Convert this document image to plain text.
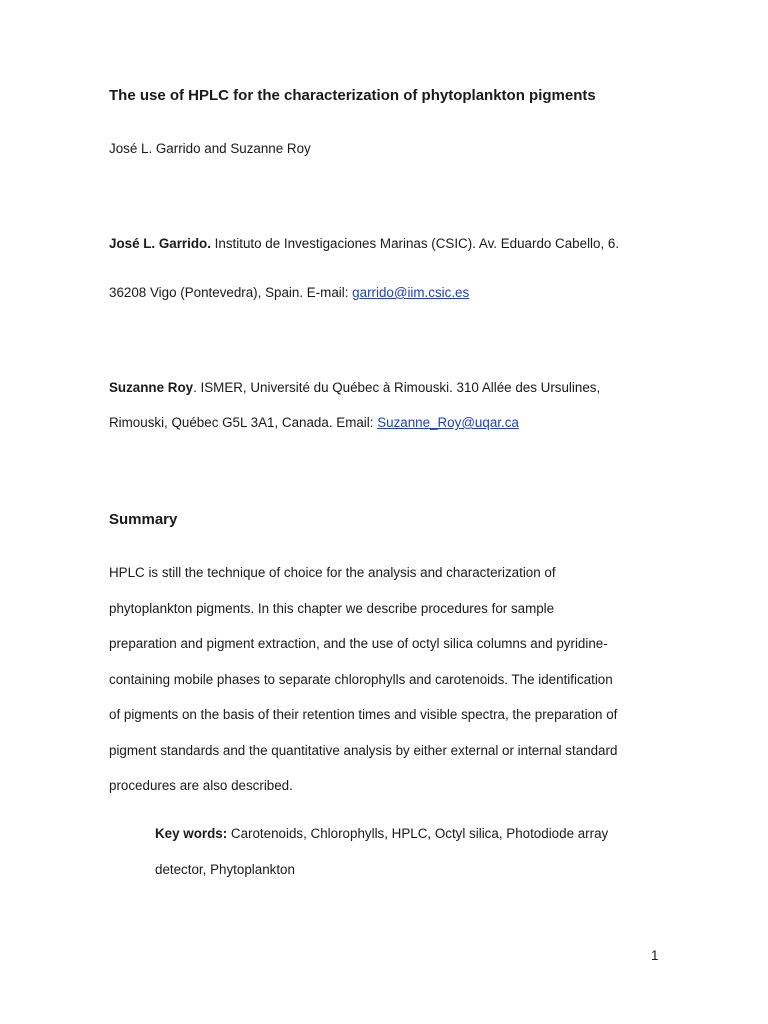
The use of HPLC for the characterization of phytoplankton pigments
José L. Garrido and Suzanne Roy
José L. Garrido. Instituto de Investigaciones Marinas (CSIC). Av. Eduardo Cabello, 6.
36208 Vigo (Pontevedra), Spain. E-mail: garrido@iim.csic.es
Suzanne Roy. ISMER, Université du Québec à Rimouski. 310 Allée des Ursulines,
Rimouski, Québec G5L 3A1, Canada. Email: Suzanne_Roy@uqar.ca
Summary
HPLC is still the technique of choice for the analysis and characterization of
phytoplankton pigments. In this chapter we describe procedures for sample
preparation and pigment extraction, and the use of octyl silica columns and pyridine-
containing mobile phases to separate chlorophylls and carotenoids. The identification
of pigments on the basis of their retention times and visible spectra, the preparation of
pigment standards and the quantitative analysis by either external or internal standard
procedures are also described.
Key words: Carotenoids, Chlorophylls, HPLC, Octyl silica, Photodiode array
detector, Phytoplankton
1
